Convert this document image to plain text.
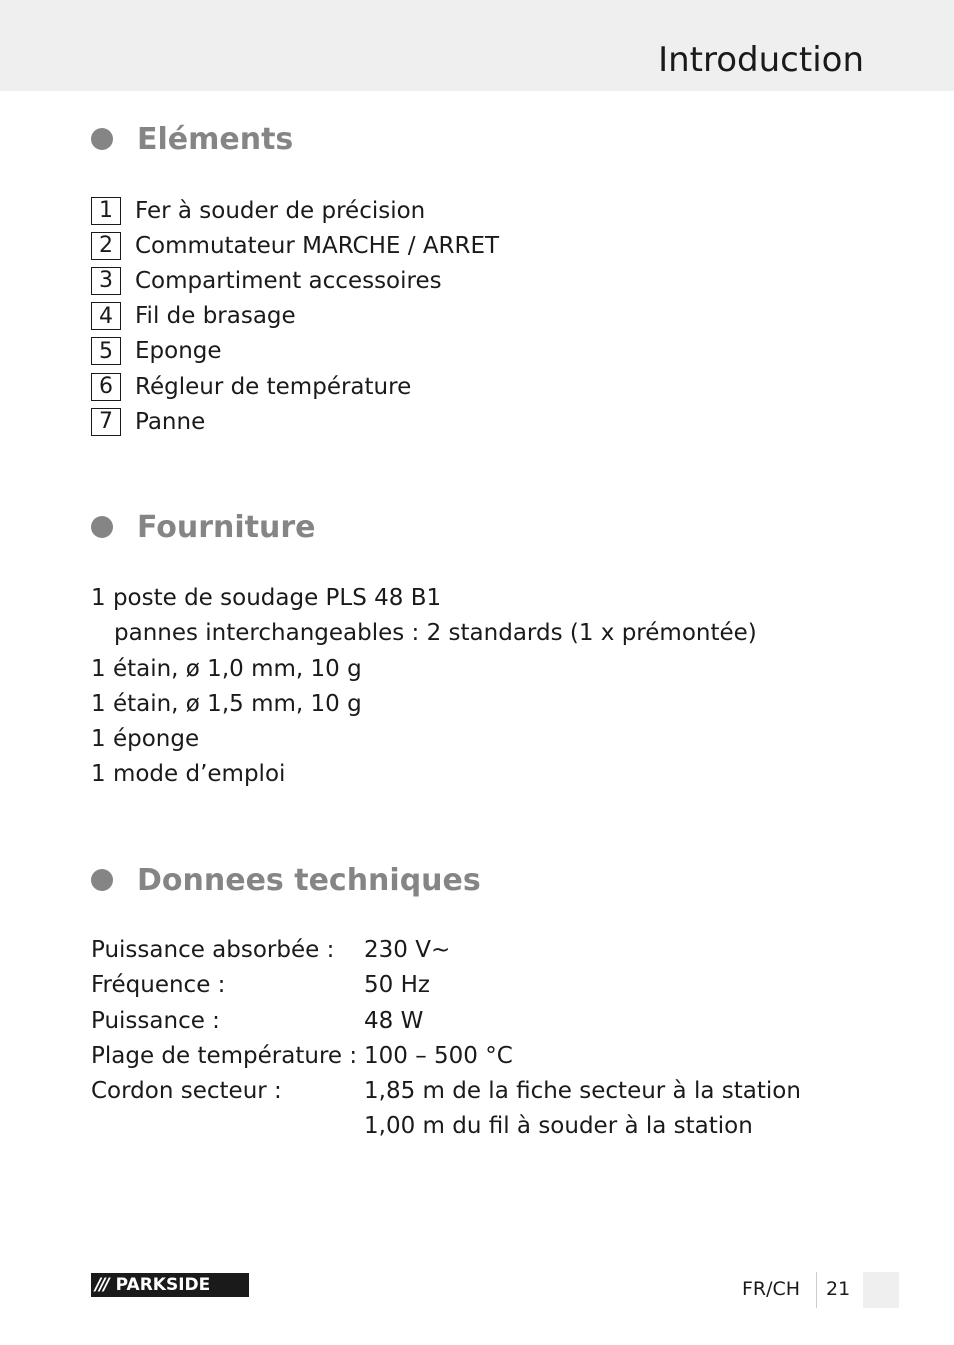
Introduction
Eléments
1 Fer à souder de précision
2 Commutateur MARCHE / ARRET
3 Compartiment accessoires
4 Fil de brasage
5 Eponge
6 Régleur de température
7 Panne
Fourniture
1 poste de soudage PLS 48 B1
pannes interchangeables : 2 standards (1 x prémontée)
1 étain, ø 1,0 mm, 10 g
1 étain, ø 1,5 mm, 10 g
1 éponge
1 mode d’emploi
Donnees techniques
Puissance absorbée :	230 V~
Fréquence :	50 Hz
Puissance :	48 W
Plage de température : 100 – 500 °C
Cordon secteur :	1,85 m de la fiche secteur à la station
1,00 m du fil à souder à la station
/// PARKSIDE	FR/CH 21
